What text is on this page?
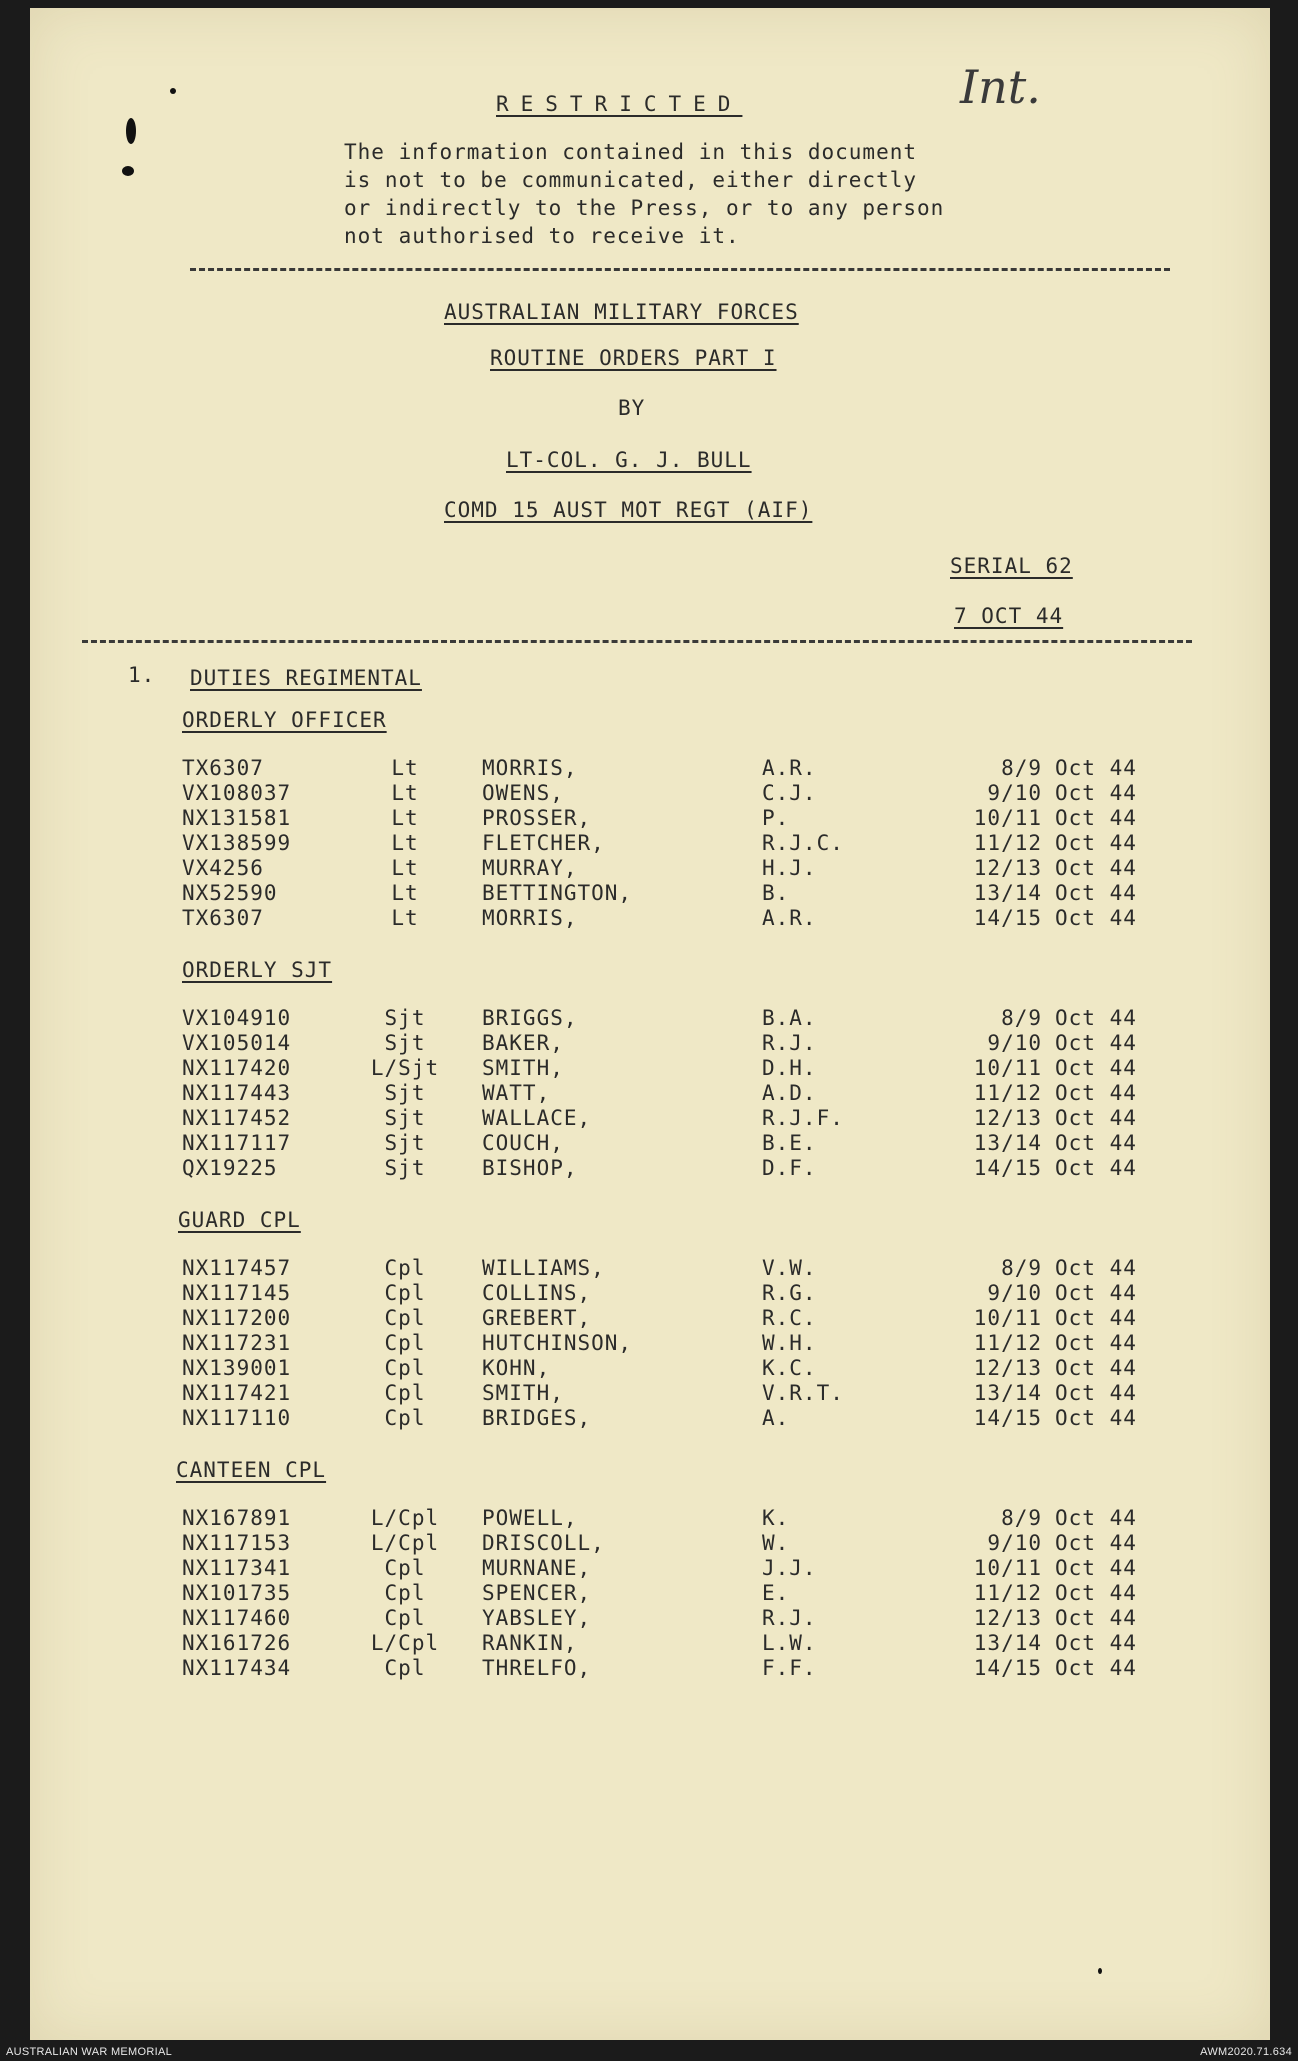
RESTRICTED	Int.
The information contained in this document
is not to be communicated, either directly
or indirectly to the Press, or to any person
not authorised to receive it.
AUSTRALIAN MILITARY FORCES
ROUTINE ORDERS PART I
BY
LT-COL. G. J. BULL
COMD 15 AUST MOT REGT (AIF)
SERIAL 62
7 OCT 44
1. DUTIES REGIMENTAL
ORDERLY OFFICER
TX6307	Lt	MORRIS,	A.R.	8/9 Oct 44
VX108037	Lt	OWENS,	C.J.	9/10 Oct 44
NX131581	Lt	PROSSER,	P.	10/11 Oct 44
VX138599	Lt	FLETCHER,	R.J.C.	11/12 Oct 44
VX4256	Lt	MURRAY,	H.J.	12/13 Oct 44
NX52590	Lt	BETTINGTON,	B.	13/14 Oct 44
TX6307	Lt	MORRIS,	A.R.	14/15 Oct 44
ORDERLY SJT
VX104910	Sjt	BRIGGS,	B.A.	8/9 Oct 44
VX105014	Sjt	BAKER,	R.J.	9/10 Oct 44
NX117420	L/Sjt	SMITH,	D.H.	10/11 Oct 44
NX117443	Sjt	WATT,	A.D.	11/12 Oct 44
NX117452	Sjt	WALLACE,	R.J.F.	12/13 Oct 44
NX117117	Sjt	COUCH,	B.E.	13/14 Oct 44
QX19225	Sjt	BISHOP,	D.F.	14/15 Oct 44
GUARD CPL
NX117457	Cpl	WILLIAMS,	V.W.	8/9 Oct 44
NX117145	Cpl	COLLINS,	R.G.	9/10 Oct 44
NX117200	Cpl	GREBERT,	R.C.	10/11 Oct 44
NX117231	Cpl	HUTCHINSON,	W.H.	11/12 Oct 44
NX139001	Cpl	KOHN,	K.C.	12/13 Oct 44
NX117421	Cpl	SMITH,	V.R.T.	13/14 Oct 44
NX117110	Cpl	BRIDGES,	A.	14/15 Oct 44
CANTEEN CPL
NX167891	L/Cpl	POWELL,	K.	8/9 Oct 44
NX117153	L/Cpl	DRISCOLL,	W.	9/10 Oct 44
NX117341	Cpl	MURNANE,	J.J.	10/11 Oct 44
NX101735	Cpl	SPENCER,	E.	11/12 Oct 44
NX117460	Cpl	YABSLEY,	R.J.	12/13 Oct 44
NX161726	L/Cpl	RANKIN,	L.W.	13/14 Oct 44
NX117434	Cpl	THRELFO,	F.F.	14/15 Oct 44
AUSTRALIAN WAR MEMORIAL	AWM2020.71.634
